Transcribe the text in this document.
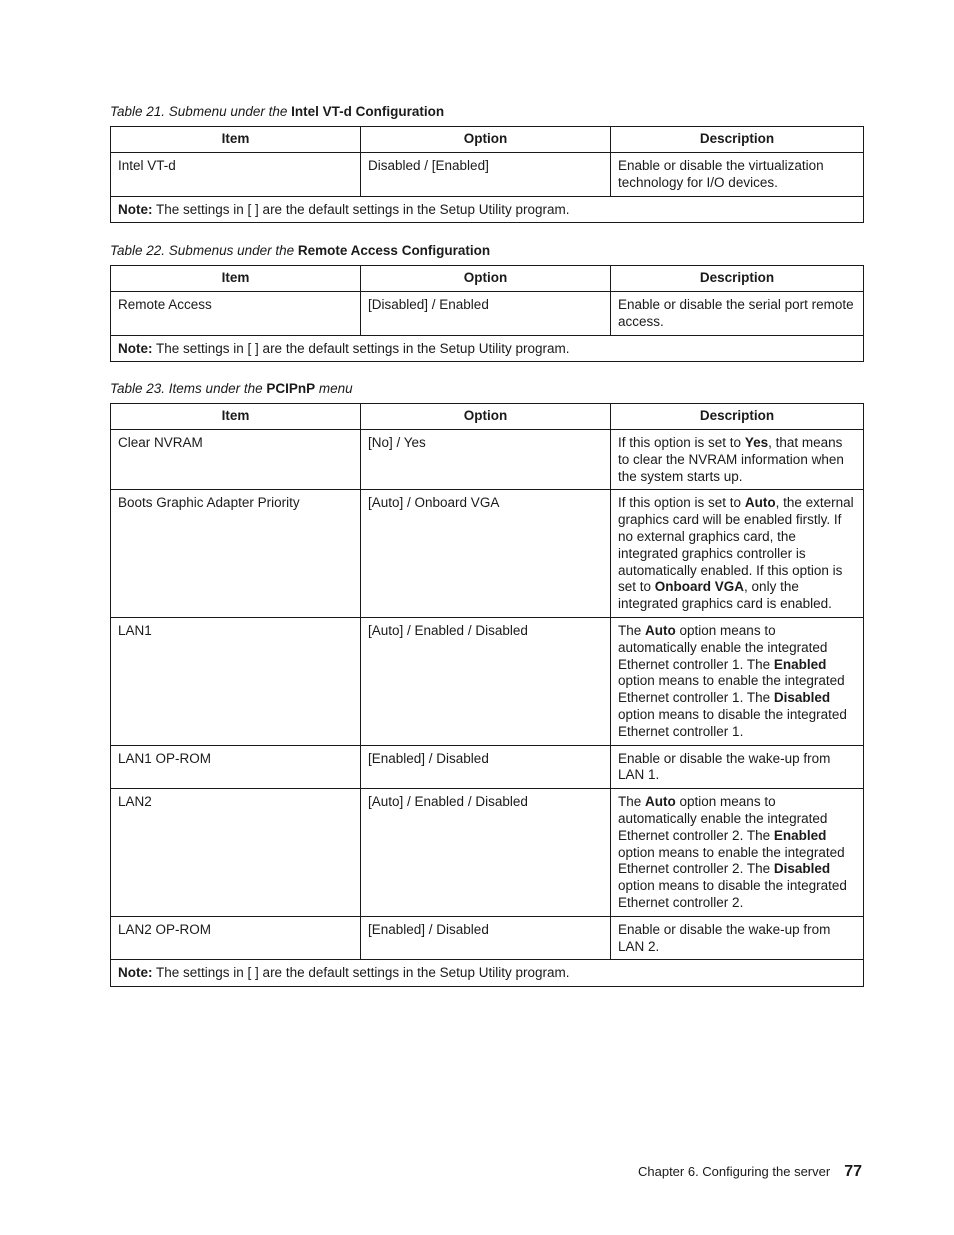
Table 21. Submenu under the Intel VT-d Configuration
Item	Option	Description
Intel VT-d	Disabled / [Enabled]	Enable or disable the virtualization technology for I/O devices.
Note: The settings in [ ] are the default settings in the Setup Utility program.		
Table 22. Submenus under the Remote Access Configuration
Item	Option	Description
Remote Access	[Disabled] / Enabled	Enable or disable the serial port remote access.
Note: The settings in [ ] are the default settings in the Setup Utility program.		
Table 23. Items under the PCIPnP menu
Item	Option	Description
Clear NVRAM	[No] / Yes	If this option is set to Yes, that means to clear the NVRAM information when the system starts up.
Boots Graphic Adapter Priority	[Auto] / Onboard VGA	If this option is set to Auto, the external graphics card will be enabled firstly. If no external graphics card, the integrated graphics controller is automatically enabled. If this option is set to Onboard VGA, only the integrated graphics card is enabled.
LAN1	[Auto] / Enabled / Disabled	The Auto option means to automatically enable the integrated Ethernet controller 1. The Enabled option means to enable the integrated Ethernet controller 1. The Disabled option means to disable the integrated Ethernet controller 1.
LAN1 OP-ROM	[Enabled] / Disabled	Enable or disable the wake-up from LAN 1.
LAN2	[Auto] / Enabled / Disabled	The Auto option means to automatically enable the integrated Ethernet controller 2. The Enabled option means to enable the integrated Ethernet controller 2. The Disabled option means to disable the integrated Ethernet controller 2.
LAN2 OP-ROM	[Enabled] / Disabled	Enable or disable the wake-up from LAN 2.
Note: The settings in [ ] are the default settings in the Setup Utility program.		
Chapter 6. Configuring the server 77
